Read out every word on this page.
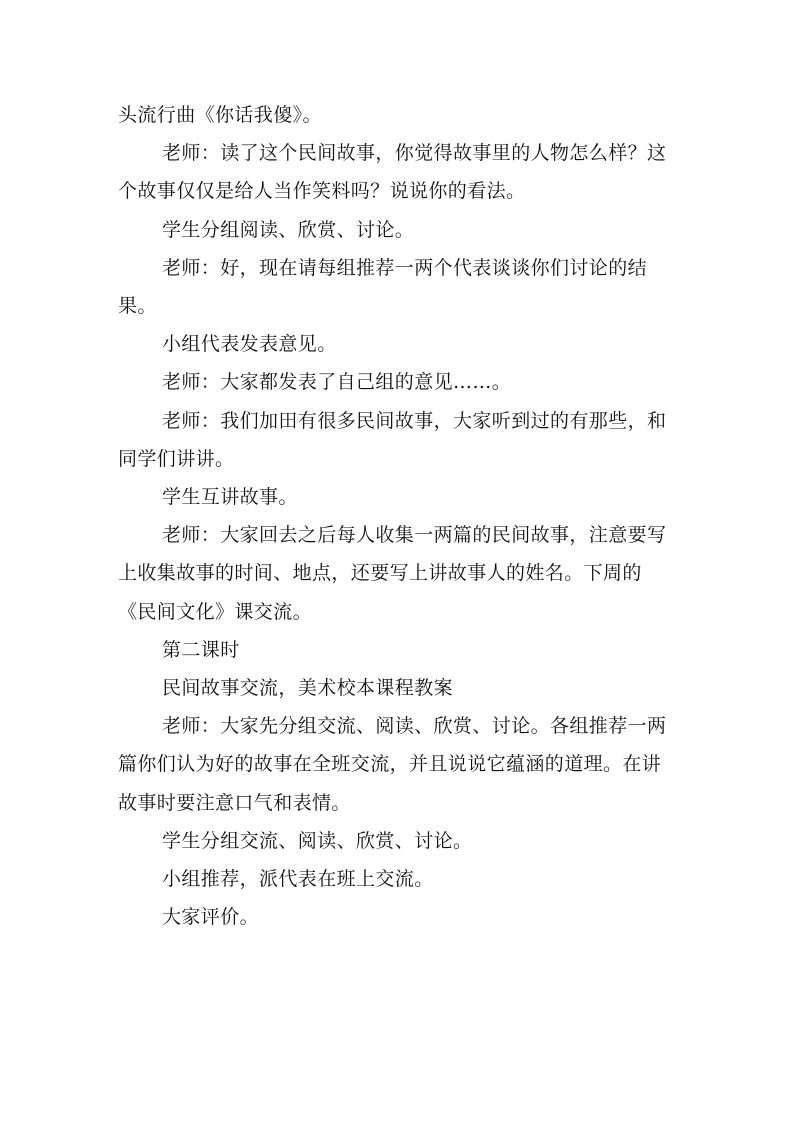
头流行曲《你话我傻》。

老师：读了这个民间故事，你觉得故事里的人物怎么样？这个故事仅仅是给人当作笑料吗？说说你的看法。

学生分组阅读、欣赏、讨论。

老师：好，现在请每组推荐一两个代表谈谈你们讨论的结果。

小组代表发表意见。

老师：大家都发表了自己组的意见……。

老师：我们加田有很多民间故事，大家听到过的有那些，和同学们讲讲。

学生互讲故事。

老师：大家回去之后每人收集一两篇的民间故事，注意要写上收集故事的时间、地点，还要写上讲故事人的姓名。下周的《民间文化》课交流。

第二课时

民间故事交流，美术校本课程教案

老师：大家先分组交流、阅读、欣赏、讨论。各组推荐一两篇你们认为好的故事在全班交流，并且说说它蕴涵的道理。在讲故事时要注意口气和表情。

学生分组交流、阅读、欣赏、讨论。

小组推荐，派代表在班上交流。

大家评价。
